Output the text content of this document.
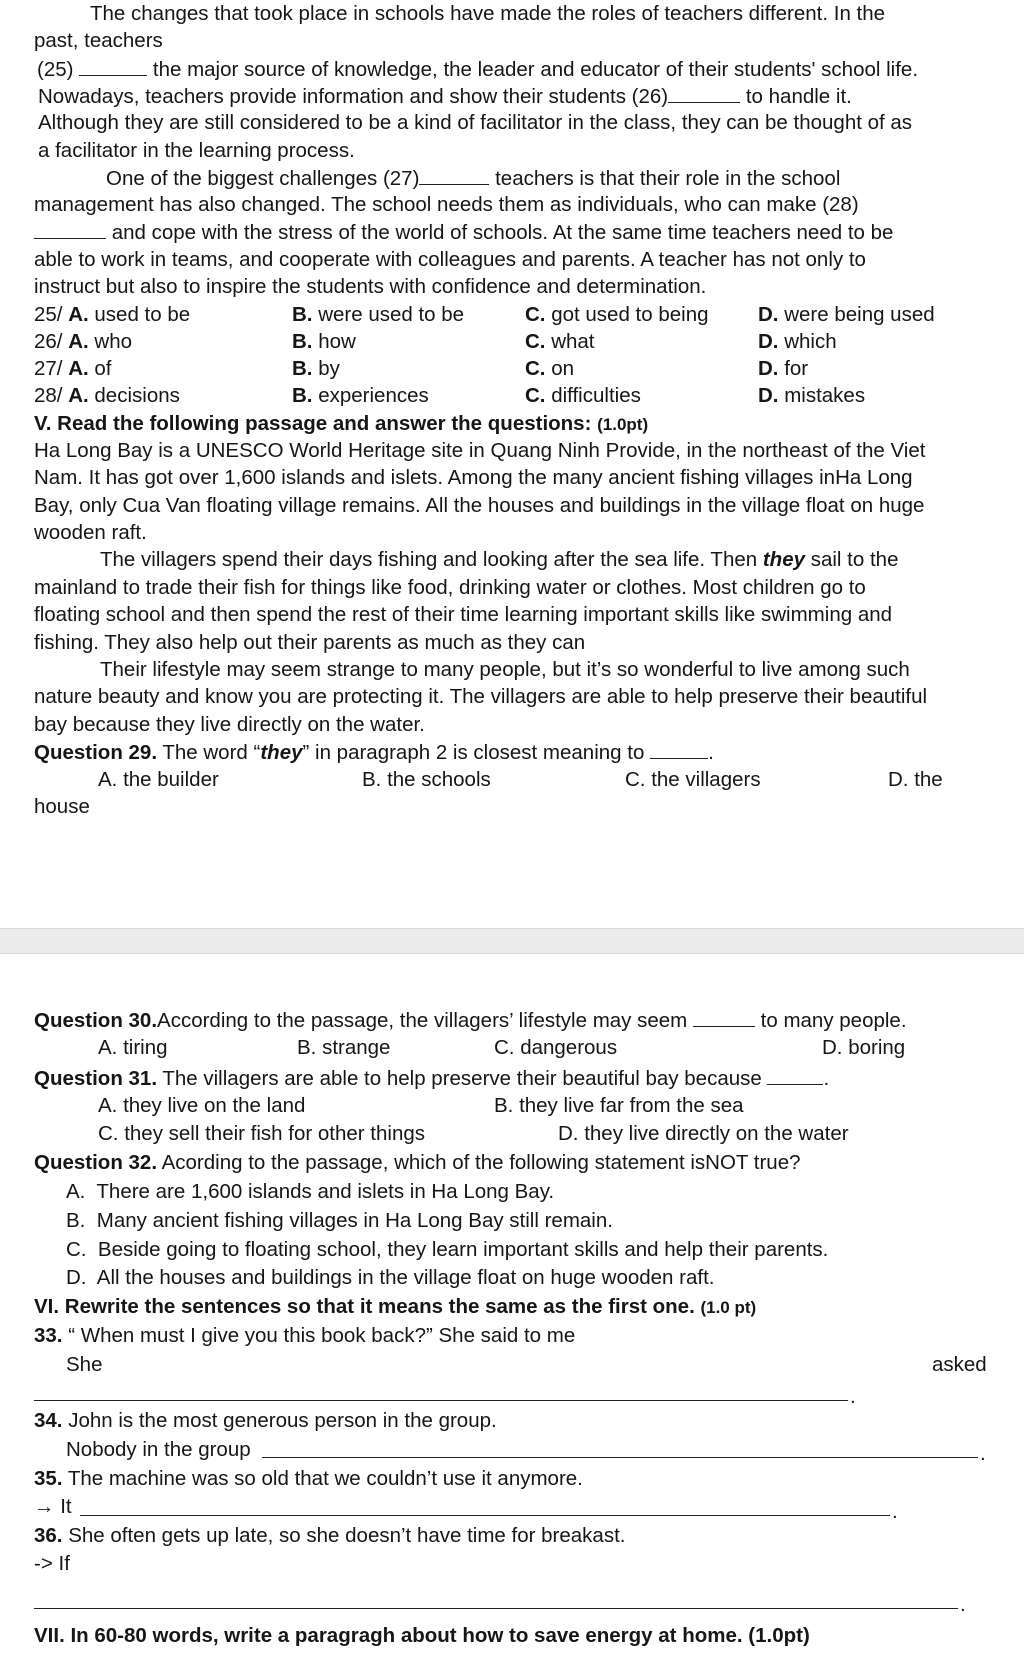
The changes that took place in schools have made the roles of teachers different. In the
past, teachers
(25)	the major source of knowledge, the leader and educator of their students' school life.
Nowadays, teachers provide information and show their students (26)	to handle it.
Although they are still considered to be a kind of facilitator in the class, they can be thought of as
a facilitator in the learning process.
One of the biggest challenges (27)	teachers is that their role in the school
management has also changed. The school needs them as individuals, who can make (28)
and cope with the stress of the world of schools. At the same time teachers need to be
able to work in teams, and cooperate with colleagues and parents. A teacher has not only to
instruct but also to inspire the students with confidence and determination.
25/ A. used to be	B. were used to be	C. got used to being D. were being used
26/ A. who	B. how	C. what	D. which
27/ A. of	B. by	C. on	D. for
28/ A. decisions	B. experiences	C. difficulties	D. mistakes
V. Read the following passage and answer the questions: (1.0pt)
Ha Long Bay is a UNESCO World Heritage site in Quang Ninh Provide, in the northeast of the Viet
Nam. It has got over 1,600 islands and islets. Among the many ancient fishing villages inHa Long
Bay, only Cua Van floating village remains. All the houses and buildings in the village float on huge
wooden raft.
The villagers spend their days fishing and looking after the sea life. Then they sail to the
mainland to trade their fish for things like food, drinking water or clothes. Most children go to
floating school and then spend the rest of their time learning important skills like swimming and
fishing. They also help out their parents as much as they can
Their lifestyle may seem strange to many people, but it’s so wonderful to live among such
nature beauty and know you are protecting it. The villagers are able to help preserve their beautiful
bay because they live directly on the water.
Question 29. The word “they” in paragraph 2 is closest meaning to	.
A. the builder	B. the schools	C. the villagers	D. the
house
Question 30.According to the passage, the villagers’ lifestyle may seem	to many people.
A. tiring	B. strange	C. dangerous	D. boring
Question 31. The villagers are able to help preserve their beautiful bay because	.
A. they live on the land	B. they live far from the sea
C. they sell their fish for other things	D. they live directly on the water
Question 32. Acording to the passage, which of the following statement isNOT true?
A. There are 1,600 islands and islets in Ha Long Bay.
B. Many ancient fishing villages in Ha Long Bay still remain.
C. Beside going to floating school, they learn important skills and help their parents.
D. All the houses and buildings in the village float on huge wooden raft.
VI. Rewrite the sentences so that it means the same as the first one. (1.0 pt)
33. “ When must I give you this book back?” She said to me
She	asked
.
34. John is the most generous person in the group.
Nobody in the group	.
35. The machine was so old that we couldn’t use it anymore.
→ It	.
36. She often gets up late, so she doesn’t have time for breakast.
-> If
.
VII. In 60-80 words, write a paragragh about how to save energy at home. (1.0pt)
